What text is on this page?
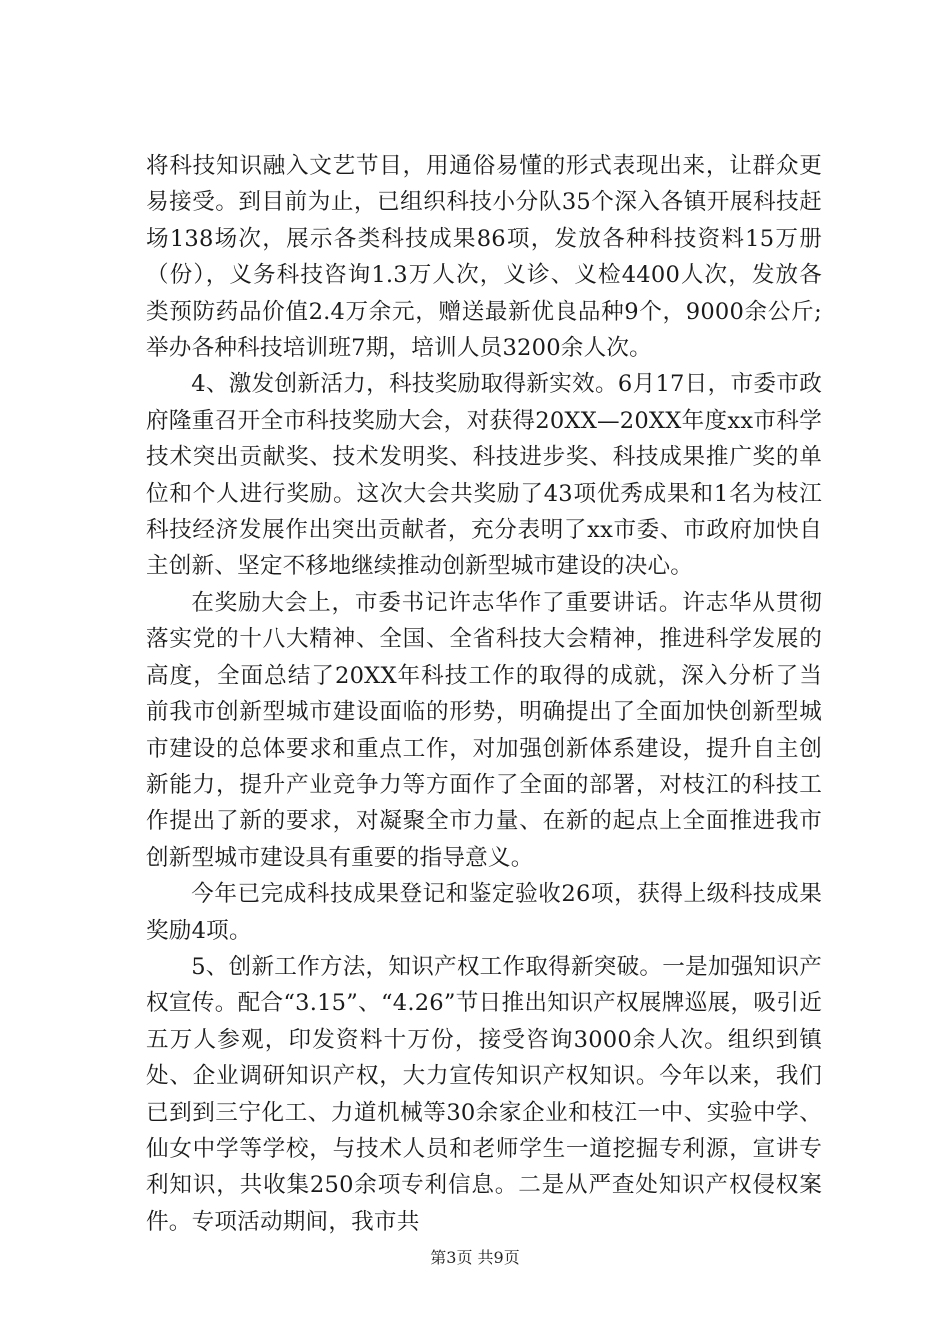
将科技知识融入文艺节目，用通俗易懂的形式表现出来，让群众更易接受。到目前为止，已组织科技小分队35个深入各镇开展科技赶场138场次，展示各类科技成果86项，发放各种科技资料15万册（份），义务科技咨询1.3万人次，义诊、义检4400人次，发放各类预防药品价值2.4万余元，赠送最新优良品种9个，9000余公斤;举办各种科技培训班7期，培训人员3200余人次。

4、激发创新活力，科技奖励取得新实效。6月17日，市委市政府隆重召开全市科技奖励大会，对获得20XX—20XX年度xx市科学技术突出贡献奖、技术发明奖、科技进步奖、科技成果推广奖的单位和个人进行奖励。这次大会共奖励了43项优秀成果和1名为枝江科技经济发展作出突出贡献者，充分表明了xx市委、市政府加快自主创新、坚定不移地继续推动创新型城市建设的决心。

在奖励大会上，市委书记许志华作了重要讲话。许志华从贯彻落实党的十八大精神、全国、全省科技大会精神，推进科学发展的高度，全面总结了20XX年科技工作的取得的成就，深入分析了当前我市创新型城市建设面临的形势，明确提出了全面加快创新型城市建设的总体要求和重点工作，对加强创新体系建设，提升自主创新能力，提升产业竞争力等方面作了全面的部署，对枝江的科技工作提出了新的要求，对凝聚全市力量、在新的起点上全面推进我市创新型城市建设具有重要的指导意义。

今年已完成科技成果登记和鉴定验收26项，获得上级科技成果奖励4项。

5、创新工作方法，知识产权工作取得新突破。一是加强知识产权宣传。配合“3.15”、“4.26”节日推出知识产权展牌巡展，吸引近五万人参观，印发资料十万份，接受咨询3000余人次。组织到镇处、企业调研知识产权，大力宣传知识产权知识。今年以来，我们已到到三宁化工、力道机械等30余家企业和枝江一中、实验中学、仙女中学等学校，与技术人员和老师学生一道挖掘专利源，宣讲专利知识，共收集250余项专利信息。二是从严查处知识产权侵权案件。专项活动期间，我市共

第3页 共9页
